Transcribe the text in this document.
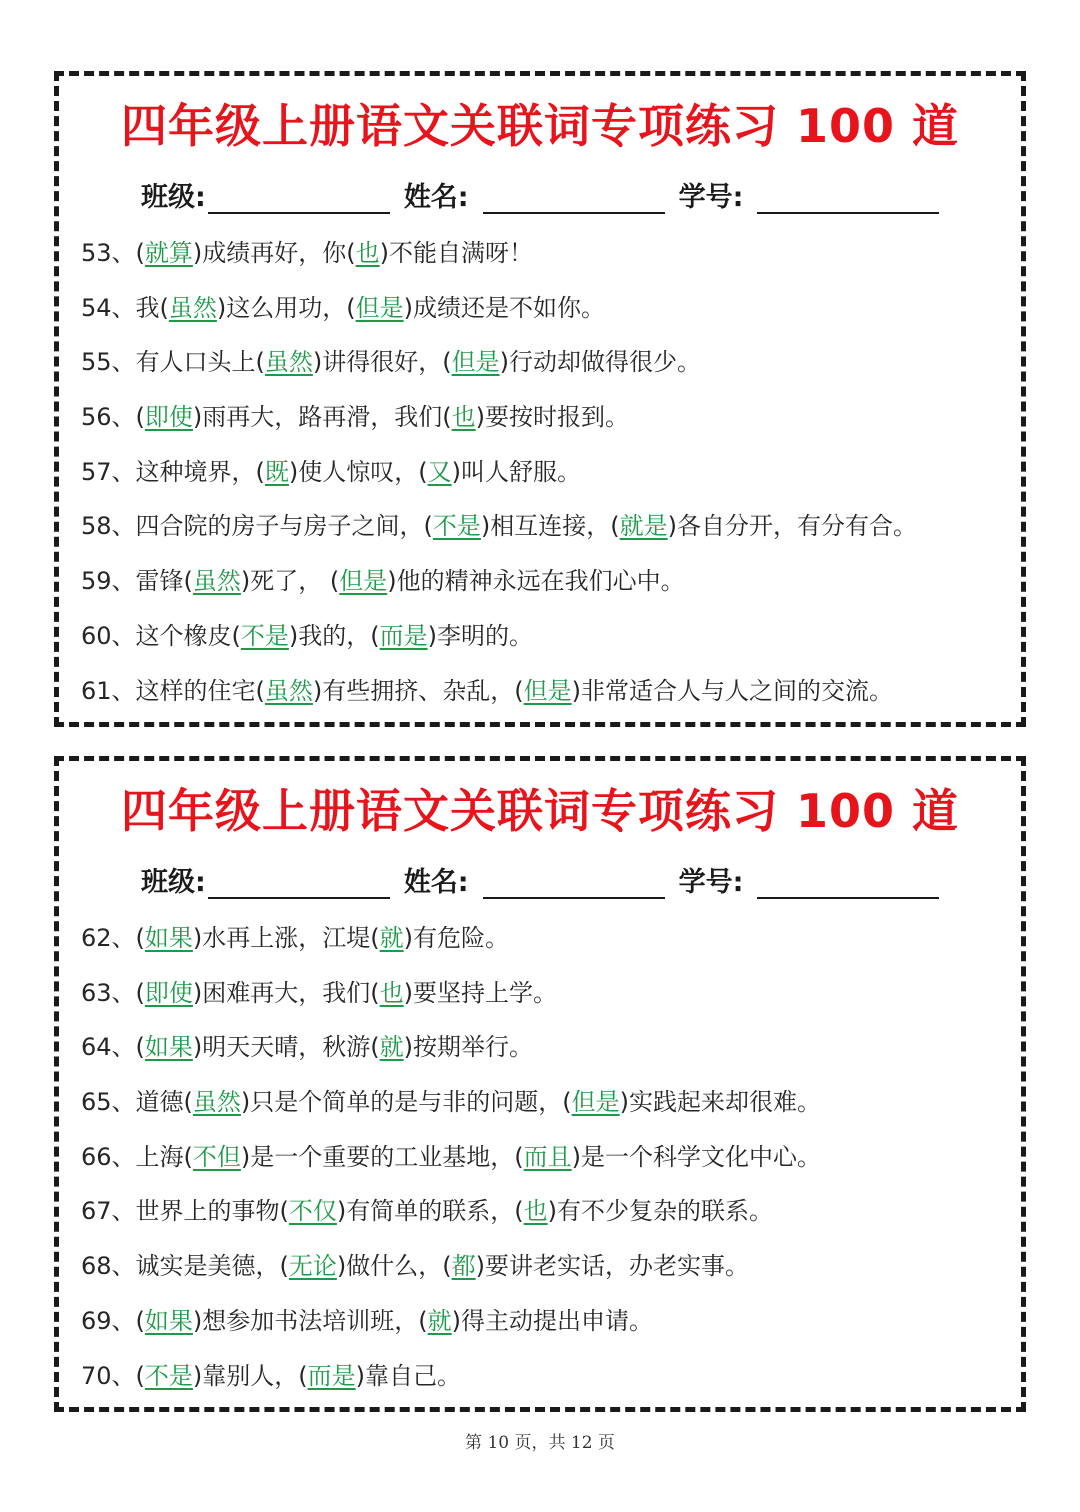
四年级上册语文关联词专项练习 100 道
班级:	姓名:	学号:
53、(就算)成绩再好，你(也)不能自满呀！
54、我(虽然)这么用功，(但是)成绩还是不如你。
55、有人口头上(虽然)讲得很好，(但是)行动却做得很少。
56、(即使)雨再大，路再滑，我们(也)要按时报到。
57、这种境界，(既)使人惊叹，(又)叫人舒服。
58、四合院的房子与房子之间，(不是)相互连接，(就是)各自分开，有分有合。
59、雷锋(虽然)死了， (但是)他的精神永远在我们心中。
60、这个橡皮(不是)我的，(而是)李明的。
61、这样的住宅(虽然)有些拥挤、杂乱，(但是)非常适合人与人之间的交流。
四年级上册语文关联词专项练习 100 道
班级:	姓名:	学号:
62、(如果)水再上涨，江堤(就)有危险。
63、(即使)困难再大，我们(也)要坚持上学。
64、(如果)明天天晴，秋游(就)按期举行。
65、道德(虽然)只是个简单的是与非的问题，(但是)实践起来却很难。
66、上海(不但)是一个重要的工业基地，(而且)是一个科学文化中心。
67、世界上的事物(不仅)有简单的联系，(也)有不少复杂的联系。
68、诚实是美德，(无论)做什么，(都)要讲老实话，办老实事。
69、(如果)想参加书法培训班，(就)得主动提出申请。
70、(不是)靠别人，(而是)靠自己。
第 10 页，共 12 页
